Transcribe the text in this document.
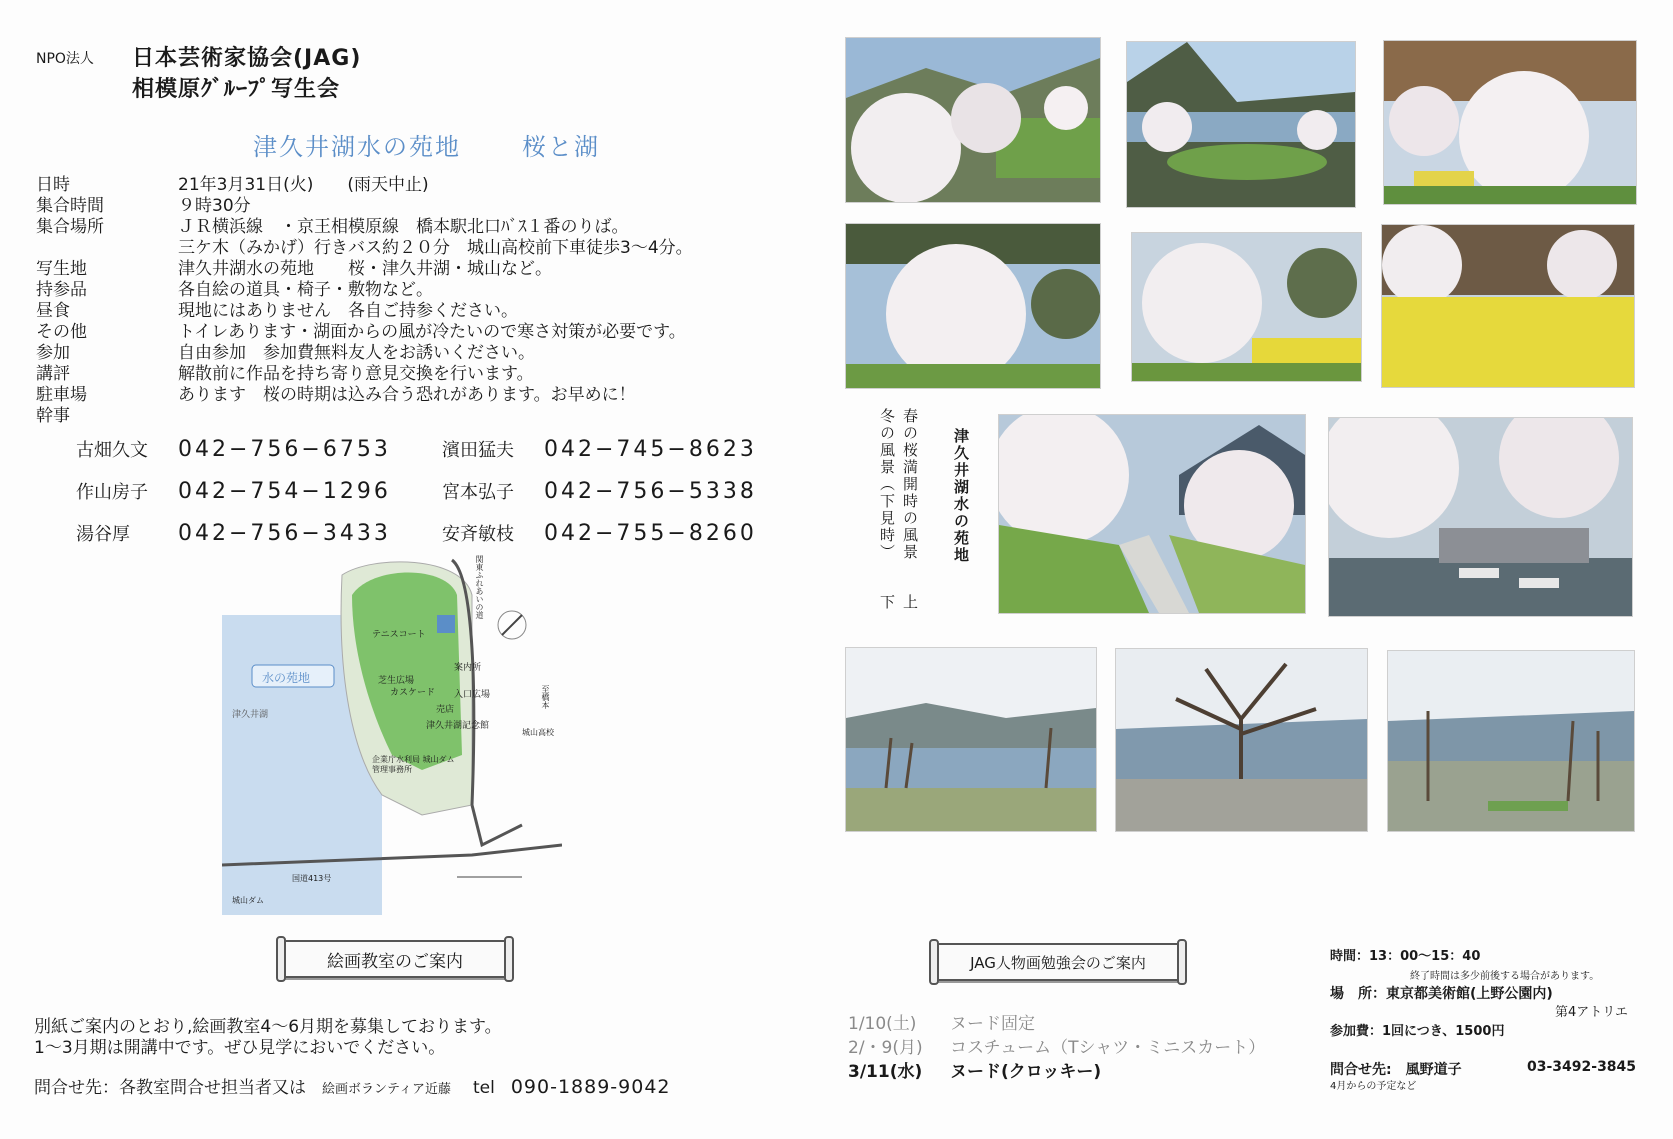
NPO法人 日本芸術家協会(JAG)
相模原ｸﾞﾙｰﾌﾟ写生会
津久井湖水の苑地	桜と湖
日時	21年3月31日(火)　　(雨天中止)
集合時間	９時30分
集合場所	ＪＲ横浜線　・京王相模原線　橋本駅北口ﾊﾞｽ１番のりば。
三ケ木（みかげ）行きバス約２０分　城山高校前下車徒歩3～4分。
写生地	津久井湖水の苑地　　桜・津久井湖・城山など。
持参品	各自絵の道具・椅子・敷物など。
昼食	現地にはありません　各自ご持参ください。
その他	トイレあります・湖面からの風が冷たいので寒さ対策が必要です。
参加	自由参加　参加費無料友人をお誘いください。
講評	解散前に作品を持ち寄り意見交換を行います。
駐車場	あります　桜の時期は込み合う恐れがあります。お早めに！
幹事
古畑久文	042−756−6753	濱田猛夫	042−745−8623
作山房子	042−754−1296	宮本弘子	042−756−5338
湯谷厚	042−756−3433	安斉敏枝	042−755−8260
水の苑地
津久井湖
テニスコート
芝生広場
カスケード
案内所
入口広場
売店
津久井湖記念館
企業庁水利局 城山ダム管理事務所
関東ふれあいの道
城山高校
至橋本
国道413号
城山ダム
絵画教室のご案内
別紙ご案内のとおり,絵画教室4～6月期を募集しております。
1～3月期は開講中です。ぜひ見学においでください。
問合せ先：各教室問合せ担当者又は 絵画ボランティア近藤 tel 090-1889-9042
津久井湖水の苑地
春の桜満開時の風景
上
冬の風景（下見時）
下
JAG人物画勉強会のご案内
1/10(土)	ヌード固定
2/・9(月)	コスチューム（Tシャツ・ミニスカート）
3/11(水)	ヌード(クロッキー)
時間：13：00～15：40
終了時間は多少前後する場合があります。
場　所：東京都美術館(上野公園内)
第4アトリエ
参加費：1回につき、1500円
問合せ先:　風野道子	03-3492-3845
4月からの予定など
